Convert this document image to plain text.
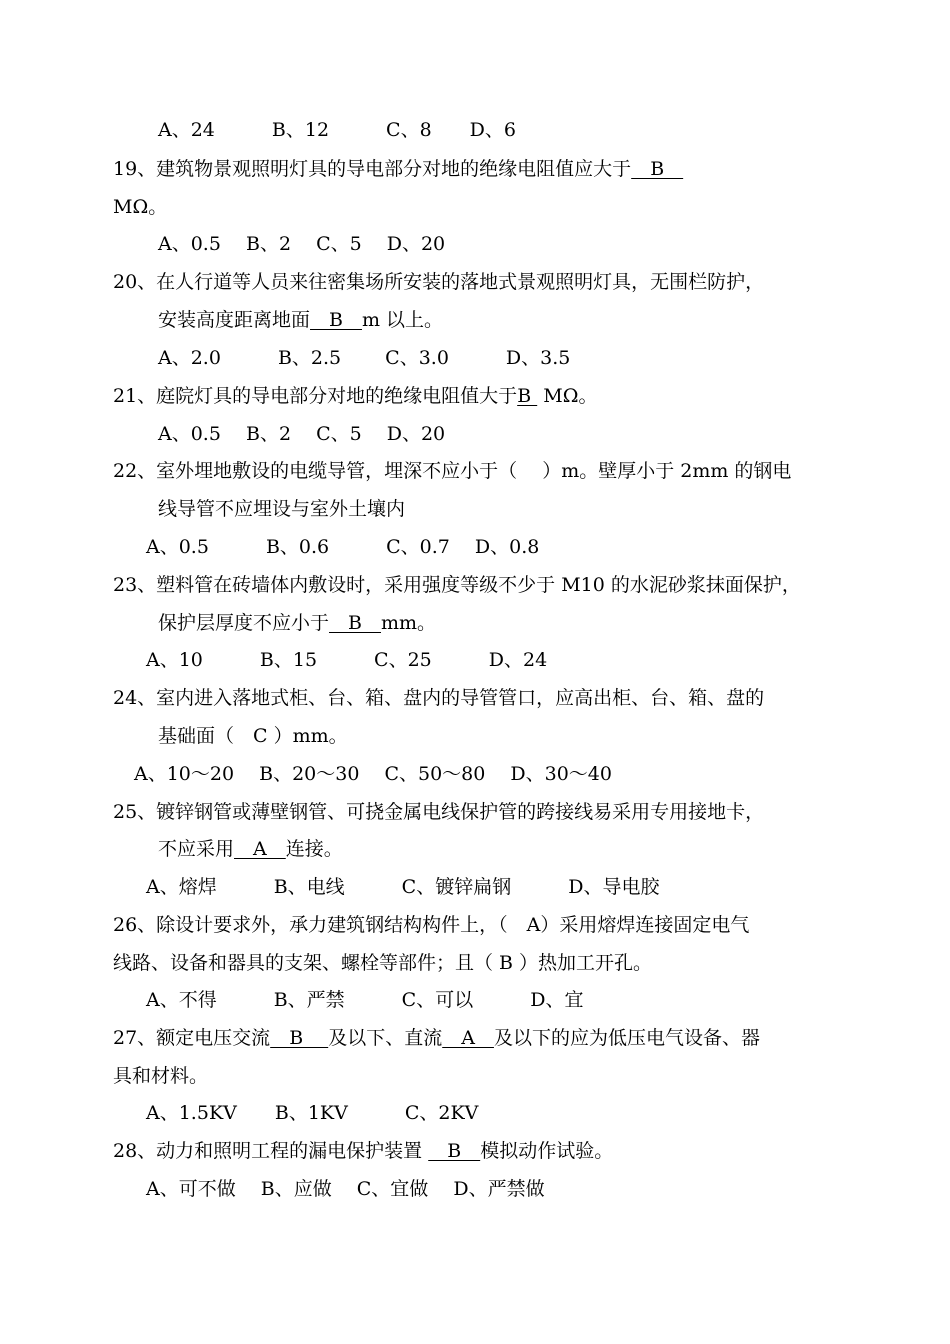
A、24　　　B、12　　　C、8　　D、6
19、建筑物景观照明灯具的导电部分对地的绝缘电阻值应大于　B　
MΩ。
A、0.5　 B、2　 C、5　 D、20
20、在人行道等人员来往密集场所安装的落地式景观照明灯具，无围栏防护，
安装高度距离地面　B　m 以上。
A、2.0　　　B、2.5　　 C、3.0　　　D、3.5
21、庭院灯具的导电部分对地的绝缘电阻值大于B  MΩ。
A、0.5　 B、2　 C、5　 D、20
22、室外埋地敷设的电缆导管，埋深不应小于（　 ）m。壁厚小于 2mm 的钢电
线导管不应埋设与室外土壤内
A、0.5　　　B、0.6　　　C、0.7　 D、0.8
23、塑料管在砖墙体内敷设时，采用强度等级不少于 M10 的水泥砂浆抹面保护，
保护层厚度不应小于　B　mm。
A、10　　　B、15　　　C、25　　　D、24
24、室内进入落地式柜、台、箱、盘内的导管管口，应高出柜、台、箱、盘的
基础面（　C ）mm。
A、10～20　 B、20～30　 C、50～80　 D、30～40
25、镀锌钢管或薄壁钢管、可挠金属电线保护管的跨接线易采用专用接地卡，
不应采用　A　连接。
A、熔焊　　　B、电线　　　C、镀锌扁钢　　　D、导电胶
26、除设计要求外，承力建筑钢结构构件上，（　A）采用熔焊连接固定电气
线路、设备和器具的支架、螺栓等部件；且（ B ）热加工开孔。
A、不得　　　B、严禁　　　C、可以　　　D、宜
27、额定电压交流　B　 及以下、直流　A　及以下的应为低压电气设备、器
具和材料。
A、1.5KV　　B、1KV　　　C、2KV
28、动力和照明工程的漏电保护装置 　B　模拟动作试验。
A、可不做　 B、应做　 C、宜做　 D、严禁做
